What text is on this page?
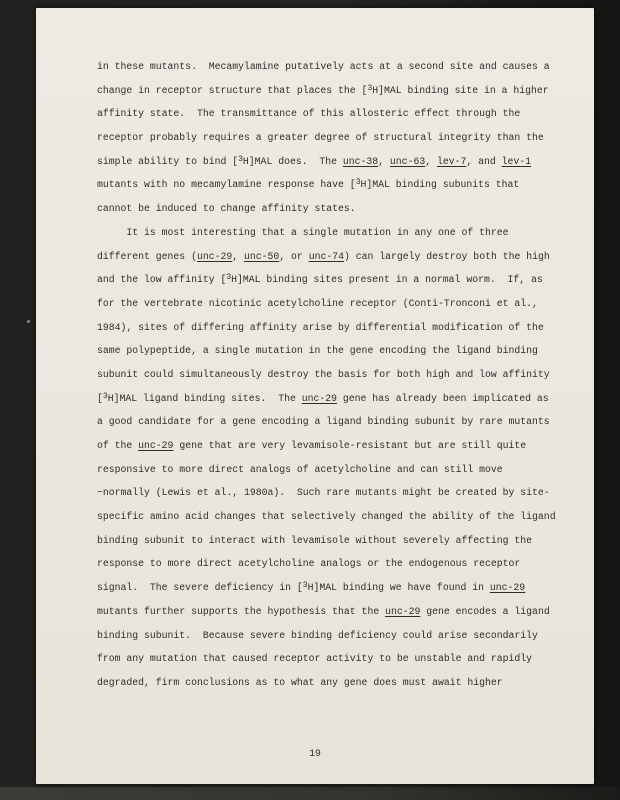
in these mutants.  Mecamylamine putatively acts at a second site and causes a
change in receptor structure that places the [$^3$H]MAL binding site in a higher
affinity state.  The transmittance of this allosteric effect through the
receptor probably requires a greater degree of structural integrity than the
simple ability to bind [$^3$H]MAL does.  The unc-38, unc-63, lev-7, and lev-1
mutants with no mecamylamine response have [$^3$H]MAL binding subunits that
cannot be induced to change affinity states.
It is most interesting that a single mutation in any one of three
different genes (unc-29, unc-50, or unc-74) can largely destroy both the high
and the low affinity [$^3$H]MAL binding sites present in a normal worm.  If, as
for the vertebrate nicotinic acetylcholine receptor (Conti-Tronconi et al.,
1984), sites of differing affinity arise by differential modification of the
same polypeptide, a single mutation in the gene encoding the ligand binding
subunit could simultaneously destroy the basis for both high and low affinity
[$^3$H]MAL ligand binding sites.  The unc-29 gene has already been implicated as
a good candidate for a gene encoding a ligand binding subunit by rare mutants
of the unc-29 gene that are very levamisole-resistant but are still quite
responsive to more direct analogs of acetylcholine and can still move
~normally (Lewis et al., 1980a).  Such rare mutants might be created by site-
specific amino acid changes that selectively changed the ability of the ligand
binding subunit to interact with levamisole without severely affecting the
response to more direct acetylcholine analogs or the endogenous receptor
signal.  The severe deficiency in [$^3$H]MAL binding we have found in unc-29
mutants further supports the hypothesis that the unc-29 gene encodes a ligand
binding subunit.  Because severe binding deficiency could arise secondarily
from any mutation that caused receptor activity to be unstable and rapidly
degraded, firm conclusions as to what any gene does must await higher
19
